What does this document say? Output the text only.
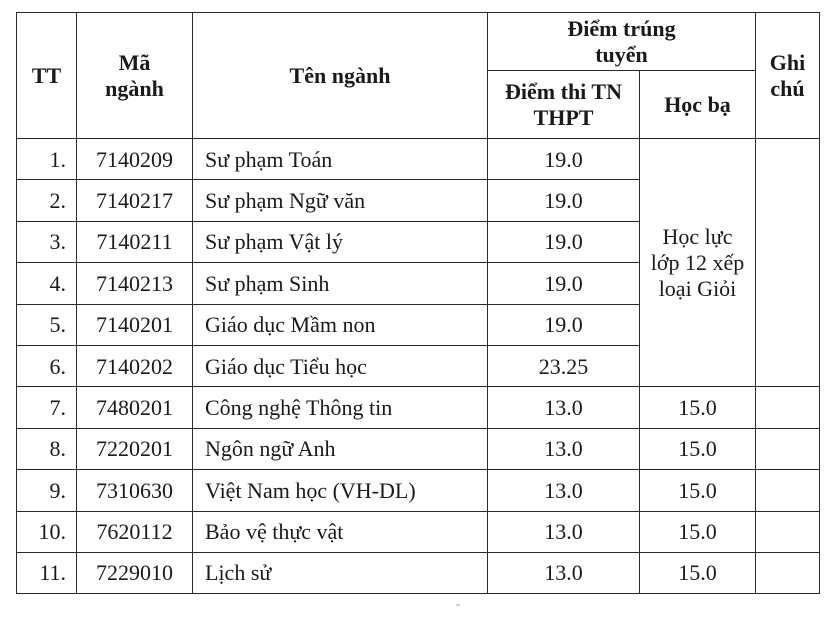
TT	Mã ngành	Tên ngành	Điểm trúng tuyển		Ghi chú
			Điểm thi TN THPT	Học bạ	
1.	7140209	Sư phạm Toán	19.0	Học lực lớp 12 xếp loại Giỏi	
2.	7140217	Sư phạm Ngữ văn	19.0		
3.	7140211	Sư phạm Vật lý	19.0		
4.	7140213	Sư phạm Sinh	19.0		
5.	7140201	Giáo dục Mầm non	19.0		
6.	7140202	Giáo dục Tiểu học	23.25		
7.	7480201	Công nghệ Thông tin	13.0	15.0	
8.	7220201	Ngôn ngữ Anh	13.0	15.0	
9.	7310630	Việt Nam học (VH-DL)	13.0	15.0	
10.	7620112	Bảo vệ thực vật	13.0	15.0	
11.	7229010	Lịch sử	13.0	15.0	
